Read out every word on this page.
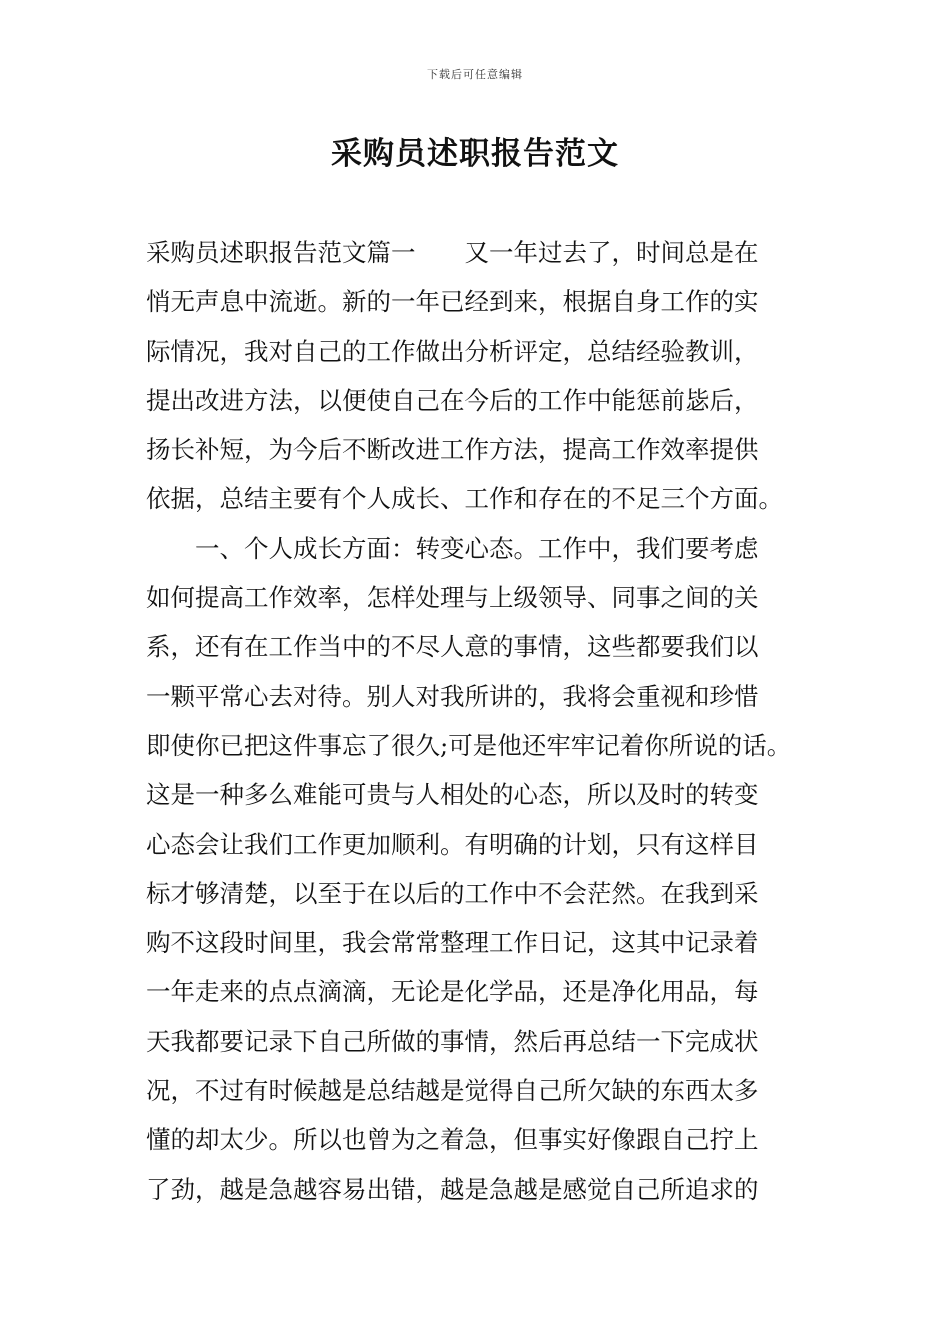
下载后可任意编辑
采购员述职报告范文
采购员述职报告范文篇一　　又一年过去了，时间总是在
悄无声息中流逝。新的一年已经到来，根据自身工作的实
际情况，我对自己的工作做出分析评定，总结经验教训，
提出改进方法，以便使自己在今后的工作中能惩前毖后，
扬长补短，为今后不断改进工作方法，提高工作效率提供
依据，总结主要有个人成长、工作和存在的不足三个方面。
　　一、个人成长方面：转变心态。工作中，我们要考虑
如何提高工作效率，怎样处理与上级领导、同事之间的关
系，还有在工作当中的不尽人意的事情，这些都要我们以
一颗平常心去对待。别人对我所讲的，我将会重视和珍惜
即使你已把这件事忘了很久;可是他还牢牢记着你所说的话。
这是一种多么难能可贵与人相处的心态，所以及时的转变
心态会让我们工作更加顺利。有明确的计划，只有这样目
标才够清楚，以至于在以后的工作中不会茫然。在我到采
购不这段时间里，我会常常整理工作日记，这其中记录着
一年走来的点点滴滴，无论是化学品，还是净化用品，每
天我都要记录下自己所做的事情，然后再总结一下完成状
况，不过有时候越是总结越是觉得自己所欠缺的东西太多
懂的却太少。所以也曾为之着急，但事实好像跟自己拧上
了劲，越是急越容易出错，越是急越是感觉自己所追求的
